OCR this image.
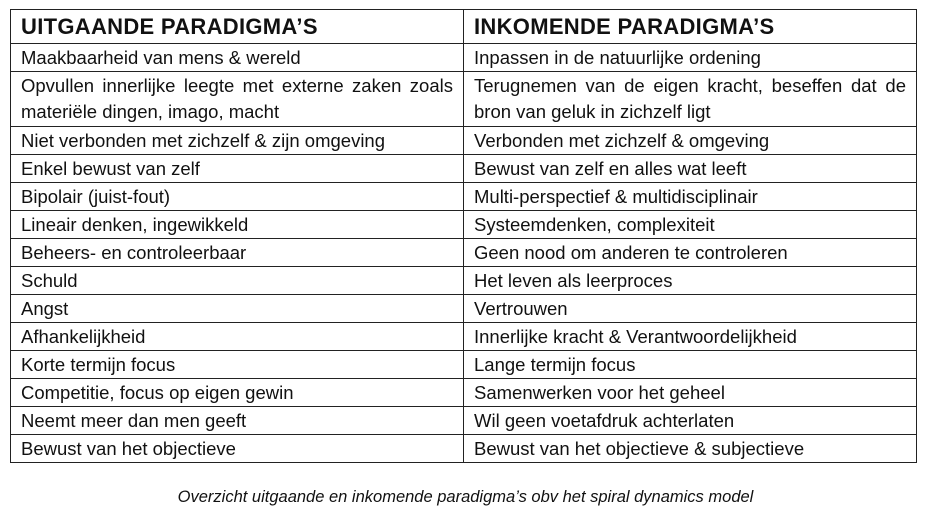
UITGAANDE PARADIGMA’S	INKOMENDE PARADIGMA’S
Maakbaarheid van mens & wereld	Inpassen in de natuurlijke ordening
Opvullen innerlijke leegte met externe zaken zoals materiële dingen, imago, macht	Terugnemen van de eigen kracht, beseffen dat de bron van geluk in zichzelf ligt
Niet verbonden met zichzelf & zijn omgeving	Verbonden met zichzelf & omgeving
Enkel bewust van zelf	Bewust van zelf en alles wat leeft
Bipolair (juist-fout)	Multi-perspectief & multidisciplinair
Lineair denken, ingewikkeld	Systeemdenken, complexiteit
Beheers- en controleerbaar	Geen nood om anderen te controleren
Schuld	Het leven als leerproces
Angst	Vertrouwen
Afhankelijkheid	Innerlijke kracht & Verantwoordelijkheid
Korte termijn focus	Lange termijn focus
Competitie, focus op eigen gewin	Samenwerken voor het geheel
Neemt meer dan men geeft	Wil geen voetafdruk achterlaten
Bewust van het objectieve	Bewust van het objectieve & subjectieve
Overzicht uitgaande en inkomende paradigma’s obv het spiral dynamics model
